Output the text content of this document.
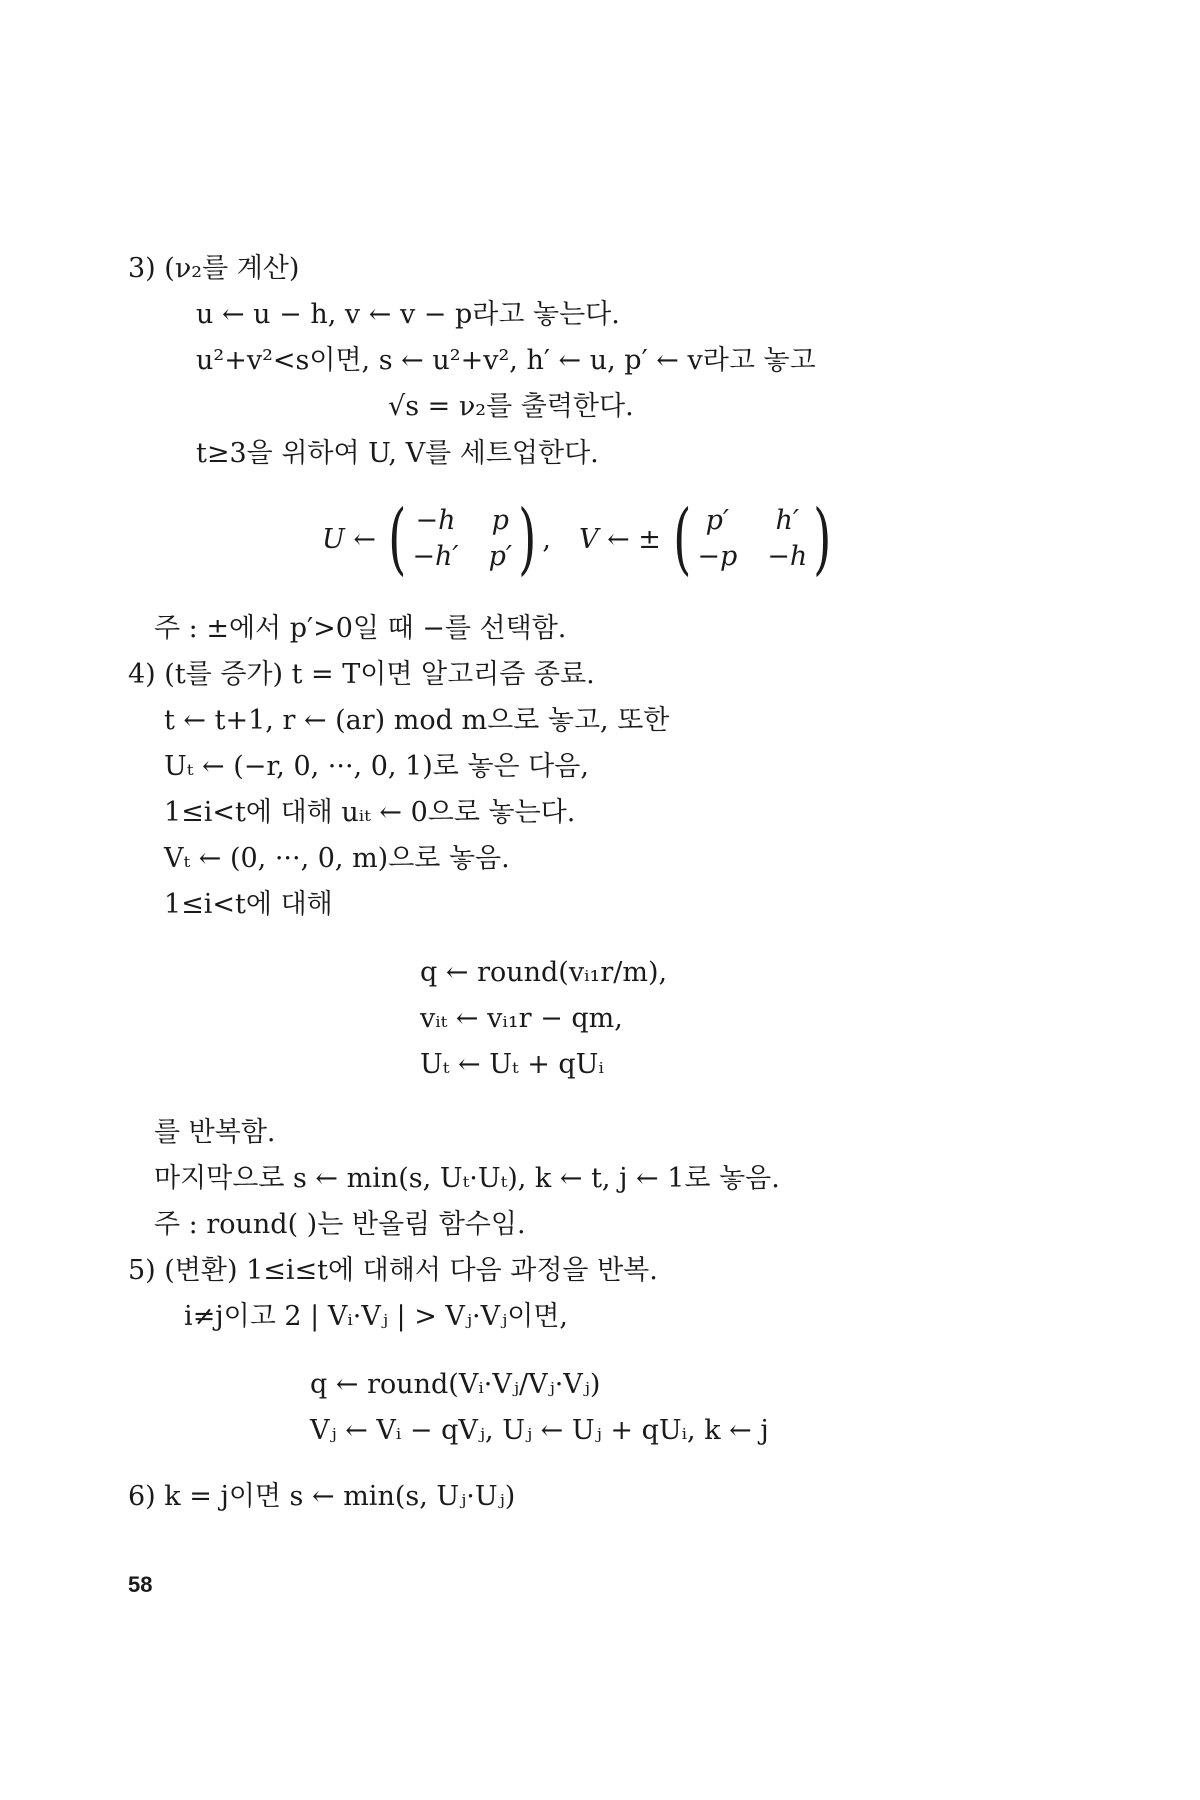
3) (ν₂를 계산)
u ← u − h, v ← v − p라고 놓는다.
u²+v²<s이면, s ← u²+v², h′ ← u, p′ ← v라고 놓고
√s = ν₂를 출력한다.
t≥3을 위하여 U, V를 세트업한다.
U ← ( −h p
−h′ p′ ) , V ← ± ( p′	h′
−p −h )
주 : ±에서 p′>0일 때 −를 선택함.
4) (t를 증가) t = T이면 알고리즘 종료.
t ← t+1, r ← (ar) mod m으로 놓고, 또한
Uₜ ← (−r, 0, ···, 0, 1)로 놓은 다음,
1≤i<t에 대해 uᵢₜ ← 0으로 놓는다.
Vₜ ← (0, ···, 0, m)으로 놓음.
1≤i<t에 대해
q ← round(vᵢ₁r/m),
vᵢₜ ← vᵢ₁r − qm,
Uₜ ← Uₜ + qUᵢ
를 반복함.
마지막으로 s ← min(s, Uₜ·Uₜ), k ← t, j ← 1로 놓음.
주 : round( )는 반올림 함수임.
5) (변환) 1≤i≤t에 대해서 다음 과정을 반복.
i≠j이고 2 | Vᵢ·Vⱼ | > Vⱼ·Vⱼ이면,
q ← round(Vᵢ·Vⱼ/Vⱼ·Vⱼ)
Vⱼ ← Vᵢ − qVⱼ, Uⱼ ← Uⱼ + qUᵢ, k ← j
6) k = j이면 s ← min(s, Uⱼ·Uⱼ)
58
